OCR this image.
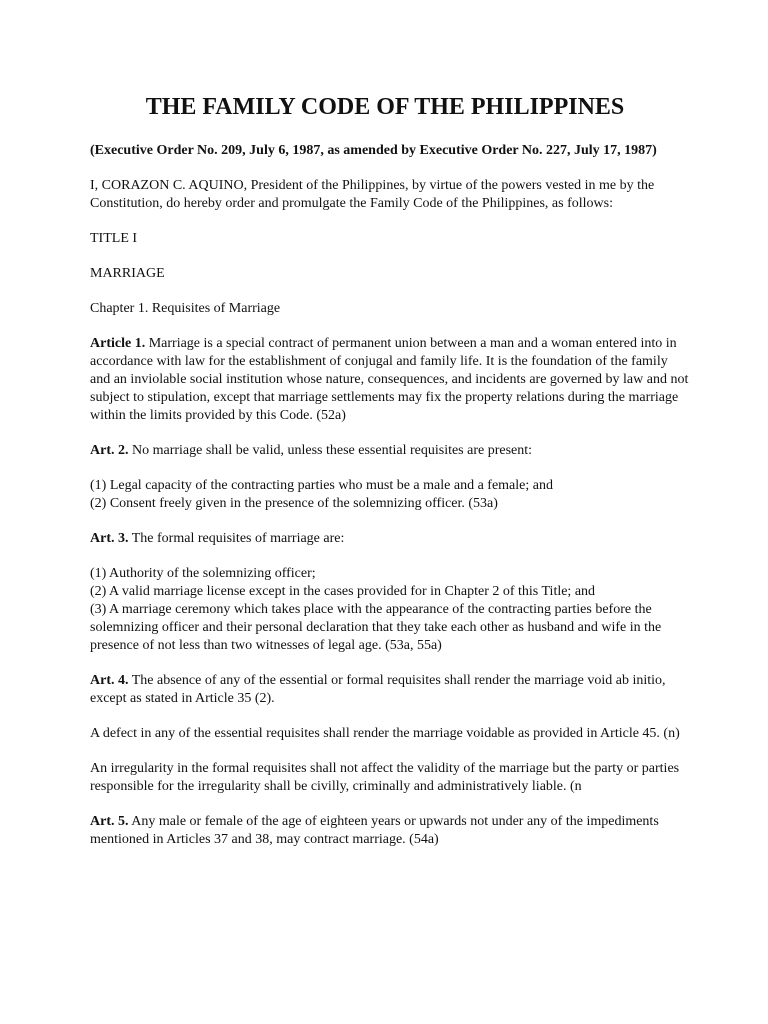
THE FAMILY CODE OF THE PHILIPPINES

(Executive Order No. 209, July 6, 1987, as amended by Executive Order No. 227, July 17, 1987)

I, CORAZON C. AQUINO, President of the Philippines, by virtue of the powers vested in me by the Constitution, do hereby order and promulgate the Family Code of the Philippines, as follows:

TITLE I

MARRIAGE

Chapter 1. Requisites of Marriage

Article 1. Marriage is a special contract of permanent union between a man and a woman entered into in accordance with law for the establishment of conjugal and family life. It is the foundation of the family and an inviolable social institution whose nature, consequences, and incidents are governed by law and not subject to stipulation, except that marriage settlements may fix the property relations during the marriage within the limits provided by this Code. (52a)

Art. 2. No marriage shall be valid, unless these essential requisites are present:

(1) Legal capacity of the contracting parties who must be a male and a female; and
(2) Consent freely given in the presence of the solemnizing officer. (53a)

Art. 3. The formal requisites of marriage are:

(1) Authority of the solemnizing officer;
(2) A valid marriage license except in the cases provided for in Chapter 2 of this Title; and
(3) A marriage ceremony which takes place with the appearance of the contracting parties before the solemnizing officer and their personal declaration that they take each other as husband and wife in the presence of not less than two witnesses of legal age. (53a, 55a)

Art. 4. The absence of any of the essential or formal requisites shall render the marriage void ab initio, except as stated in Article 35 (2).

A defect in any of the essential requisites shall render the marriage voidable as provided in Article 45. (n)

An irregularity in the formal requisites shall not affect the validity of the marriage but the party or parties responsible for the irregularity shall be civilly, criminally and administratively liable. (n

Art. 5. Any male or female of the age of eighteen years or upwards not under any of the impediments mentioned in Articles 37 and 38, may contract marriage. (54a)
